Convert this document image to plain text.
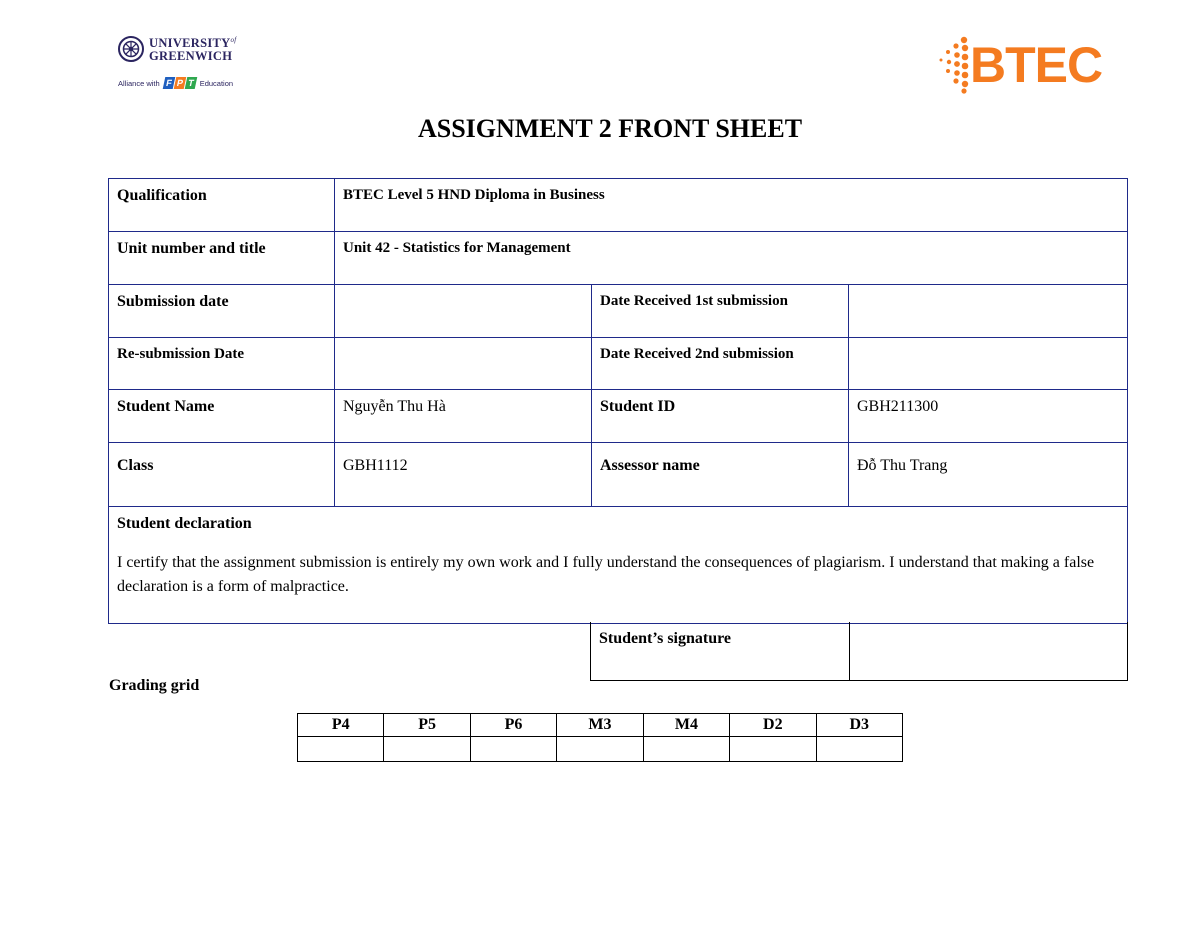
$UNIVERSITY^{of}$
GREENWICH
Alliance with F P T Education	BTEC
ASSIGNMENT 2 FRONT SHEET
Qualification	BTEC Level 5 HND Diploma in Business		
Unit number and title	Unit 42 - Statistics for Management		
Submission date		Date Received 1st submission	
Re-submission Date		Date Received 2nd submission	
Student Name	Nguyễn Thu Hà	Student ID	GBH211300
Class	GBH1112	Assessor name	Đỗ Thu Trang

Student declaration
I certify that the assignment submission is entirely my own work and I fully understand the consequences of plagiarism. I understand that making a false declaration is a form of malpractice.			
Student’s signature	
Grading grid
P4	P5	P6	M3	M4	D2	D3
